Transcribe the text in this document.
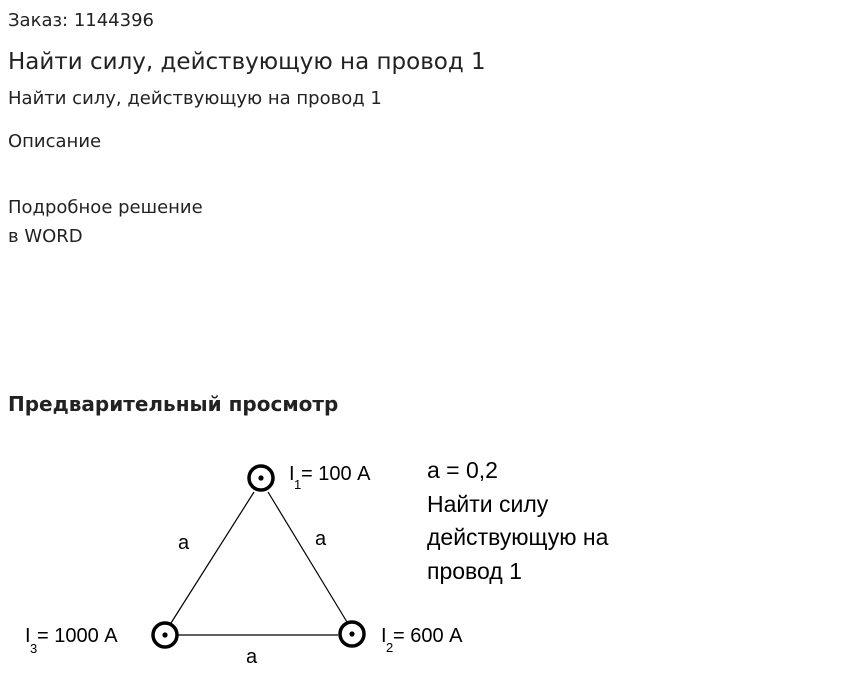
Заказ: 1144396
Найти силу, действующую на провод 1
Найти силу, действующую на провод 1
Описание
Подробное решение
в WORD
Предварительный просмотр
I 1 = 100 А
I
2
= 600 А
I
3
= 1000 А
a	a
a
а = 0,2
Найти силу
действующую на
провод 1
